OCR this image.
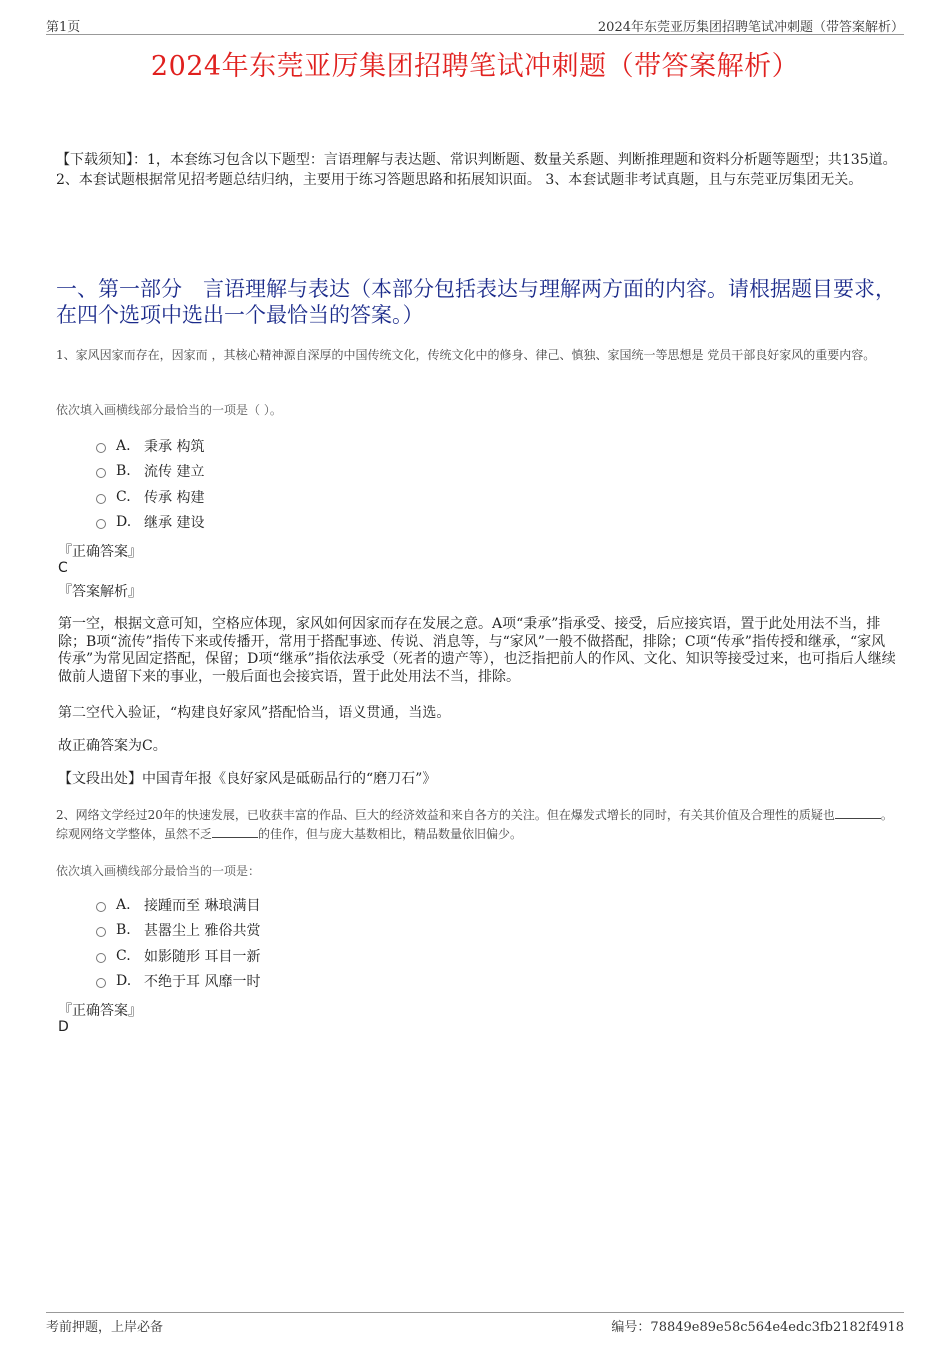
第1页	2024年东莞亚厉集团招聘笔试冲刺题（带答案解析）
2024年东莞亚厉集团招聘笔试冲刺题（带答案解析）
【下载须知】：1，本套练习包含以下题型：言语理解与表达题、常识判断题、数量关系题、判断推理题和资料分析题等题型；共135道。 2、本套试题根据常见招考题总结归纳，主要用于练习答题思路和拓展知识面。 3、本套试题非考试真题，且与东莞亚厉集团无关。
一、第一部分　言语理解与表达（本部分包括表达与理解两方面的内容。请根据题目要求，在四个选项中选出一个最恰当的答案。）
1、家风因家而存在，因家而 ，其核心精神源自深厚的中国传统文化，传统文化中的修身、律己、慎独、家国统一等思想是 党员干部良好家风的重要内容。
依次填入画横线部分最恰当的一项是（ ）。
A. 秉承 构筑
B. 流传 建立
C. 传承 构建
D. 继承 建设
『正确答案』
C
『答案解析』
第一空，根据文意可知，空格应体现，家风如何因家而存在发展之意。A项“秉承”指承受、接受，后应接宾语，置于此处用法不当，排除；B项“流传”指传下来或传播开，常用于搭配事迹、传说、消息等，与“家风”一般不做搭配，排除；C项“传承”指传授和继承，“家风传承”为常见固定搭配，保留；D项“继承”指依法承受（死者的遗产等），也泛指把前人的作风、文化、知识等接受过来，也可指后人继续做前人遗留下来的事业，一般后面也会接宾语，置于此处用法不当，排除。
第二空代入验证，“构建良好家风”搭配恰当，语义贯通，当选。
故正确答案为C。
【文段出处】中国青年报《良好家风是砥砺品行的“磨刀石”》
2、网络文学经过20年的快速发展，已收获丰富的作品、巨大的经济效益和来自各方的关注。但在爆发式增长的同时，有关其价值及合理性的质疑也	。综观网络文学整体，虽然不乏	的佳作，但与庞大基数相比，精品数量依旧偏少。
依次填入画横线部分最恰当的一项是：
A. 接踵而至 琳琅满目
B. 甚嚣尘上 雅俗共赏
C. 如影随形 耳目一新
D. 不绝于耳 风靡一时
『正确答案』
D
考前押题，上岸必备	编号：78849e89e58c564e4edc3fb2182f4918
